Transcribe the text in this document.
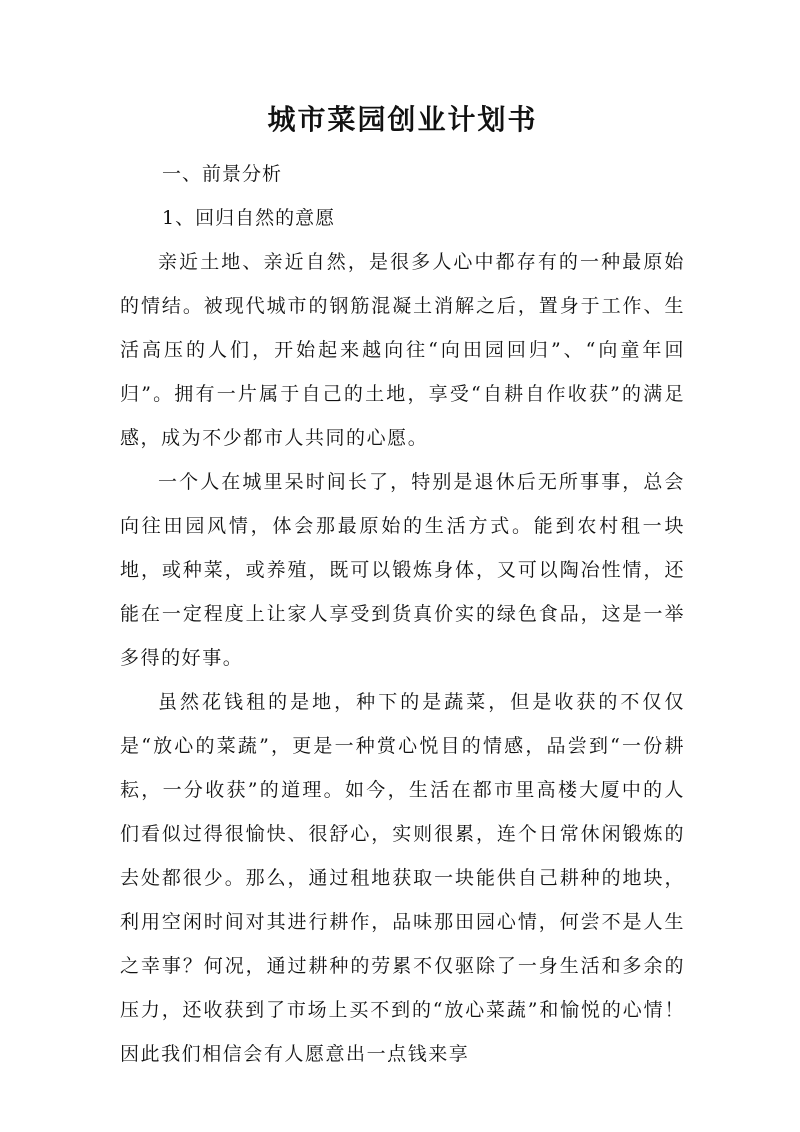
城市菜园创业计划书

一、前景分析

1、回归自然的意愿

亲近土地、亲近自然，是很多人心中都存有的一种最原始的情结。被现代城市的钢筋混凝土消解之后，置身于工作、生活高压的人们，开始起来越向往“向田园回归”、“向童年回归”。拥有一片属于自己的土地，享受“自耕自作收获”的满足感，成为不少都市人共同的心愿。

一个人在城里呆时间长了，特别是退休后无所事事，总会向往田园风情，体会那最原始的生活方式。能到农村租一块地，或种菜，或养殖，既可以锻炼身体，又可以陶冶性情，还能在一定程度上让家人享受到货真价实的绿色食品，这是一举多得的好事。

虽然花钱租的是地，种下的是蔬菜，但是收获的不仅仅是“放心的菜蔬”，更是一种赏心悦目的情感，品尝到“一份耕耘，一分收获”的道理。如今，生活在都市里高楼大厦中的人们看似过得很愉快、很舒心，实则很累，连个日常休闲锻炼的去处都很少。那么，通过租地获取一块能供自己耕种的地块，利用空闲时间对其进行耕作，品味那田园心情，何尝不是人生之幸事？何况，通过耕种的劳累不仅驱除了一身生活和多余的压力，还收获到了市场上买不到的“放心菜蔬”和愉悦的心情！因此我们相信会有人愿意出一点钱来享
